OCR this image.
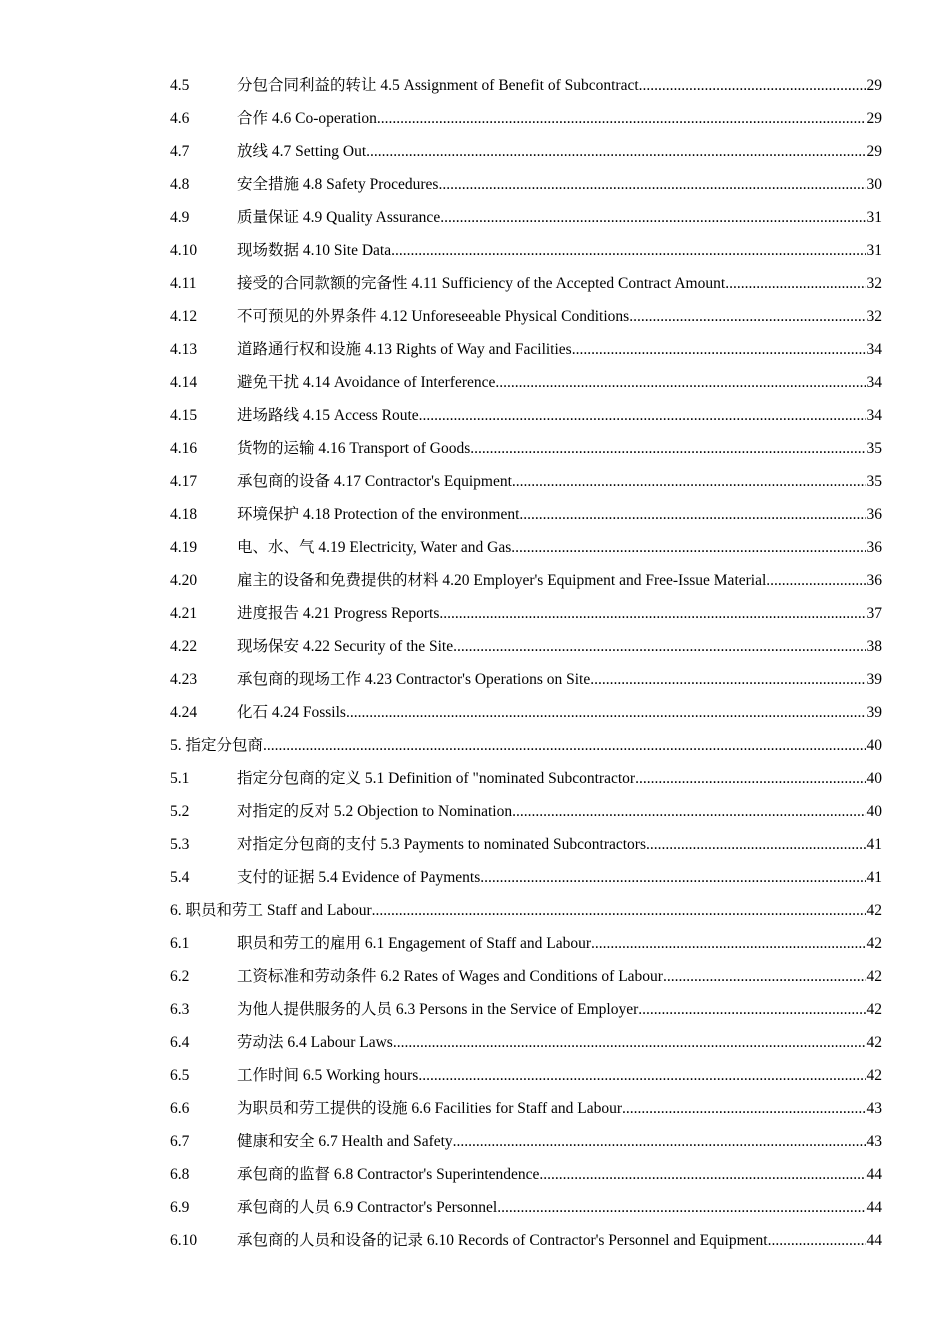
4.5	分包合同利益的转让 4.5 Assignment of Benefit of Subcontract .....	29
4.6	合作 4.6 Co-operation .....	29
4.7	放线 4.7 Setting Out .....	29
4.8	安全措施 4.8 Safety Procedures .....	30
4.9	质量保证 4.9 Quality Assurance .....	31
4.10	现场数据 4.10 Site Data .....	31
4.11	接受的合同款额的完备性 4.11 Sufficiency of the Accepted Contract Amount .....	32
4.12	不可预见的外界条件 4.12 Unforeseeable Physical Conditions .....	32
4.13	道路通行权和设施 4.13 Rights of Way and Facilities .....	34
4.14	避免干扰 4.14 Avoidance of Interference .....	34
4.15	进场路线 4.15 Access Route .....	34
4.16	货物的运输 4.16 Transport of Goods .....	35
4.17	承包商的设备 4.17 Contractor's Equipment .....	35
4.18	环境保护 4.18 Protection of the environment .....	36
4.19	电、水、气 4.19 Electricity, Water and Gas .....	36
4.20	雇主的设备和免费提供的材料 4.20 Employer's Equipment and Free-Issue Material .....	36
4.21	进度报告 4.21 Progress Reports .....	37
4.22	现场保安 4.22 Security of the Site .....	38
4.23	承包商的现场工作 4.23 Contractor's Operations on Site .....	39
4.24	化石 4.24 Fossils .....	39
5. 指定分包商 .....	40
5.1	指定分包商的定义 5.1 Definition of "nominated Subcontractor .....	40
5.2	对指定的反对 5.2 Objection to Nomination .....	40
5.3	对指定分包商的支付 5.3 Payments to nominated Subcontractors .....	41
5.4	支付的证据 5.4 Evidence of Payments .....	41
6. 职员和劳工 Staff and Labour .....	42
6.1	职员和劳工的雇用 6.1 Engagement of Staff and Labour .....	42
6.2	工资标准和劳动条件 6.2 Rates of Wages and Conditions of Labour .....	42
6.3	为他人提供服务的人员 6.3 Persons in the Service of Employer .....	42
6.4	劳动法 6.4 Labour Laws .....	42
6.5	工作时间 6.5 Working hours .....	42
6.6	为职员和劳工提供的设施 6.6 Facilities for Staff and Labour .....	43
6.7	健康和安全 6.7 Health and Safety .....	43
6.8	承包商的监督 6.8 Contractor's Superintendence .....	44
6.9	承包商的人员 6.9 Contractor's Personnel .....	44
6.10	承包商的人员和设备的记录 6.10 Records of Contractor's Personnel and Equipment .....	44
